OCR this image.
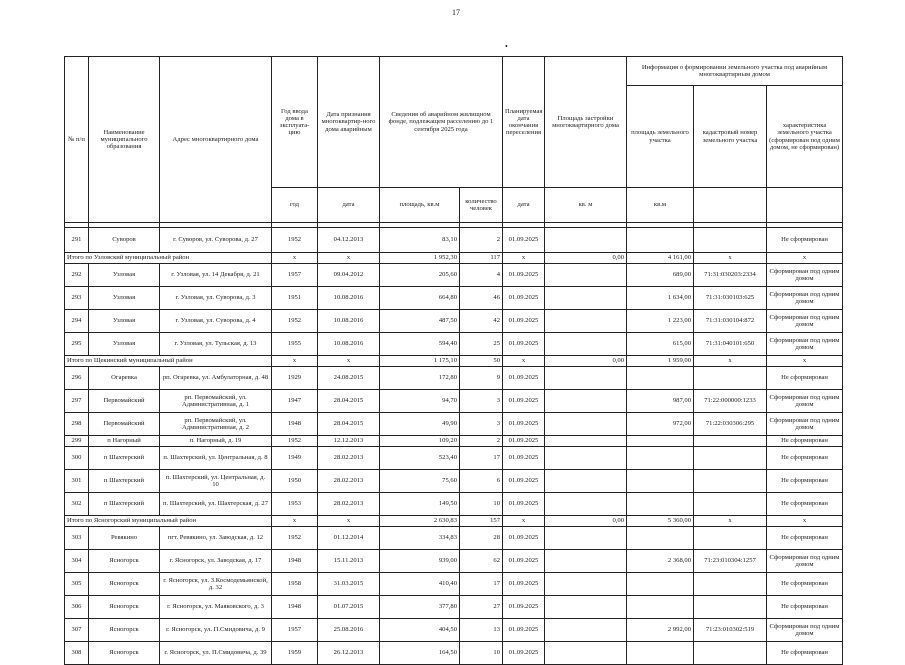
17
•
№ п/п	Наименование муниципального образования	Адрес многоквартирного дома	Год ввода дома в эксплуата-цию	Дата признания многоквартир-ного дома аварийным	Сведения об аварийном жилищном фонде, подлежащем расселению до 1 сентября 2025 года		Планируемая дата окончания переселения	Площадь застройки многоквартирного дома	Информация о формировании земельного участка под аварийным многоквартирным домом		
									площадь земельного участка	кадастровый номер земельного участка	характеристика земельного участка (сформирован под одним домом, не сформирован)
			год	дата	площадь, кв.м	количество человек	дата	кв. м	кв.м		

291	Суворов	г. Суворов, ул. Суворова, д. 27	1952	04.12.2013	83,10	2	01.09.2025				Не сформирован
Итого по Узловский муниципальный район			x	x	1 952,30	117	x	0,00	4 161,00	x	x
292	Узловая	г. Узловая, ул. 14 Декабря, д. 21	1957	09.04.2012	205,60	4	01.09.2025		689,00	71:31:030203:2334	Сформирован под одним домом
293	Узловая	г. Узловая, ул. Суворова, д. 3	1951	10.08.2016	664,80	46	01.09.2025		1 634,00	71:31:030103:625	Сформирован под одним домом
294	Узловая	г. Узловая, ул. Суворова, д. 4	1952	10.08.2016	487,50	42	01.09.2025		1 223,00	71:31:030104:872	Сформирован под одним домом
295	Узловая	г. Узловая, ул. Тульская, д. 13	1955	10.08.2016	594,40	25	01.09.2025		615,00	71:31:040101:650	Сформирован под одним домом
Итого по Щекинский муниципальный район			x	x	1 175,10	50	x	0,00	1 959,00	x	x
296	Огаревка	рп. Огаревка, ул. Амбулаторная, д. 48	1929	24.08.2015	172,80	9	01.09.2025				Не сформирован
297	Первомайский	рп. Первомайский, ул. Административная, д. 1	1947	28.04.2015	94,70	3	01.09.2025		987,00	71:22:000000:1233	Сформирован под одним домом
298	Первомайский	рп. Первомайский, ул. Административная, д. 2	1948	28.04.2015	49,90	3	01.09.2025		972,00	71:22:030306:295	Сформирован под одним домом
299	п Нагорный	п. Нагорный, д. 19	1952	12.12.2013	109,20	2	01.09.2025				Не сформирован
300	п Шахтерский	п. Шахтерский, ул. Центральная, д. 8	1949	28.02.2013	523,40	17	01.09.2025				Не сформирован
301	п Шахтерский	п. Шахтерский, ул. Центральная, д. 10	1950	28.02.2013	75,60	6	01.09.2025				Не сформирован
302	п Шахтерский	п. Шахтерский, ул. Шахтерская, д. 27	1953	28.02.2013	149,50	10	01.09.2025				Не сформирован
Итого по Ясногорский муниципальный район			x	x	2 630,83	157	x	0,00	5 360,00	x	x
303	Ревякино	пгт. Ревякино, ул. Заводская, д. 12	1952	01.12.2014	334,83	28	01.09.2025				Не сформирован
304	Ясногорск	г. Ясногорск, ул. Заводская, д. 17	1948	15.11.2013	939,00	62	01.09.2025		2 368,00	71:23:010304:1257	Сформирован под одним домом
305	Ясногорск	г. Ясногорск, ул. З.Космодемьянской, д. 32	1958	31.03.2015	410,40	17	01.09.2025				Не сформирован
306	Ясногорск	г. Ясногорск, ул. Маяковского, д. 3	1948	01.07.2015	377,80	27	01.09.2025				Не сформирован
307	Ясногорск	г. Ясногорск, ул. П.Смидовича, д. 9	1957	25.08.2016	404,50	13	01.09.2025		2 992,00	71:23:010302:519	Сформирован под одним домом
308	Ясногорск	г. Ясногорск, ул. П.Смидовича, д. 39	1959	26.12.2013	164,50	10	01.09.2025				Не сформирован
